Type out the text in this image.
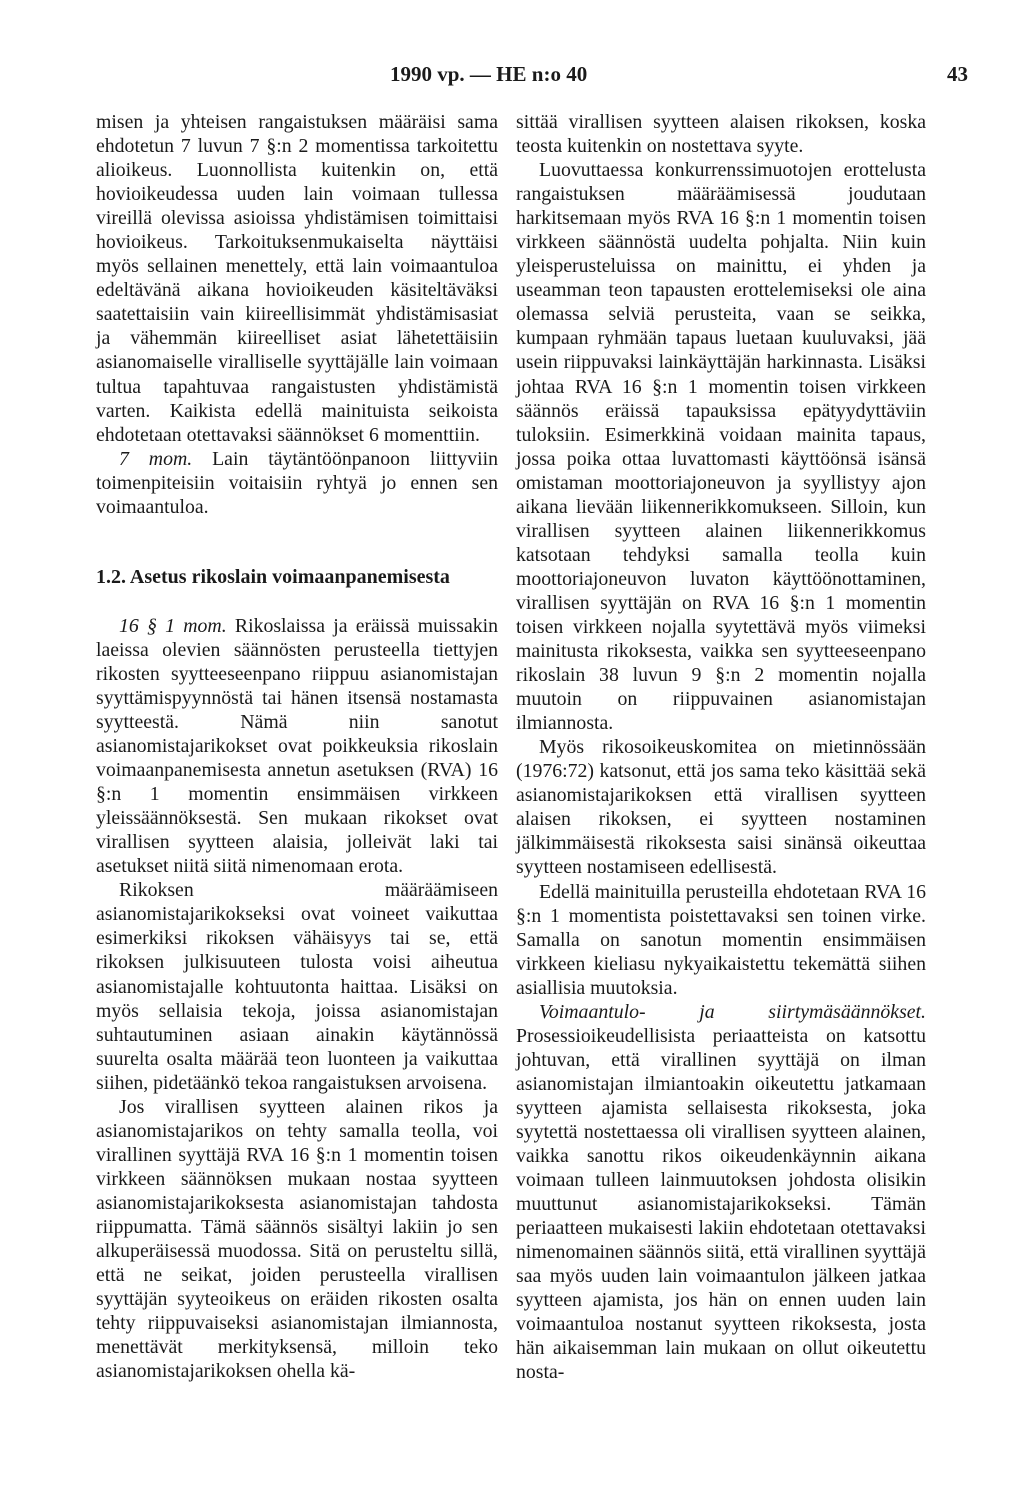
1990 vp. — HE n:o 40	43

misen ja yhteisen rangaistuksen määräisi sama ehdotetun 7 luvun 7 §:n 2 momentissa tarkoitettu alioikeus. Luonnollista kuitenkin on, että hovioikeudessa uuden lain voimaan tullessa vireillä olevissa asioissa yhdistämisen toimittaisi hovioikeus. Tarkoituksenmukaiselta näyttäisi myös sellainen menettely, että lain voimaantuloa edeltävänä aikana hovioikeuden käsiteltäväksi saatettaisiin vain kiireellisimmät yhdistämisasiat ja vähemmän kiireelliset asiat lähetettäisiin asianomaiselle viralliselle syyttäjälle lain voimaan tultua tapahtuvaa rangaistusten yhdistämistä varten. Kaikista edellä mainituista seikoista ehdotetaan otettavaksi säännökset 6 momenttiin.

7 mom. Lain täytäntöönpanoon liittyviin toimenpiteisiin voitaisiin ryhtyä jo ennen sen voimaantuloa.

1.2. Asetus rikoslain voimaanpanemisesta

16 § 1 mom. Rikoslaissa ja eräissä muissakin laeissa olevien säännösten perusteella tiettyjen rikosten syytteeseenpano riippuu asianomistajan syyttämispyynnöstä tai hänen itsensä nostamasta syytteestä. Nämä niin sanotut asianomistajarikokset ovat poikkeuksia rikoslain voimaanpanemisesta annetun asetuksen (RVA) 16 §:n 1 momentin ensimmäisen virkkeen yleissäännöksestä. Sen mukaan rikokset ovat virallisen syytteen alaisia, jolleivät laki tai asetukset niitä siitä nimenomaan erota.

Rikoksen määräämiseen asianomistajarikokseksi ovat voineet vaikuttaa esimerkiksi rikoksen vähäisyys tai se, että rikoksen julkisuuteen tulosta voisi aiheutua asianomistajalle kohtuutonta haittaa. Lisäksi on myös sellaisia tekoja, joissa asianomistajan suhtautuminen asiaan ainakin käytännössä suurelta osalta määrää teon luonteen ja vaikuttaa siihen, pidetäänkö tekoa rangaistuksen arvoisena.

Jos virallisen syytteen alainen rikos ja asianomistajarikos on tehty samalla teolla, voi virallinen syyttäjä RVA 16 §:n 1 momentin toisen virkkeen säännöksen mukaan nostaa syytteen asianomistajarikoksesta asianomistajan tahdosta riippumatta. Tämä säännös sisältyi lakiin jo sen alkuperäisessä muodossa. Sitä on perusteltu sillä, että ne seikat, joiden perusteella virallisen syyttäjän syyteoikeus on eräiden rikosten osalta tehty riippuvaiseksi asianomistajan ilmiannosta, menettävät merkityksensä, milloin teko asianomistajarikoksen ohella kä-

sittää virallisen syytteen alaisen rikoksen, koska teosta kuitenkin on nostettava syyte.

Luovuttaessa konkurrenssimuotojen erottelusta rangaistuksen määräämisessä joudutaan harkitsemaan myös RVA 16 §:n 1 momentin toisen virkkeen säännöstä uudelta pohjalta. Niin kuin yleisperusteluissa on mainittu, ei yhden ja useamman teon tapausten erottelemiseksi ole aina olemassa selviä perusteita, vaan se seikka, kumpaan ryhmään tapaus luetaan kuuluvaksi, jää usein riippuvaksi lainkäyttäjän harkinnasta. Lisäksi johtaa RVA 16 §:n 1 momentin toisen virkkeen säännös eräissä tapauksissa epätyydyttäviin tuloksiin. Esimerkkinä voidaan mainita tapaus, jossa poika ottaa luvattomasti käyttöönsä isänsä omistaman moottoriajoneuvon ja syyllistyy ajon aikana lievään liikennerikkomukseen. Silloin, kun virallisen syytteen alainen liikennerikkomus katsotaan tehdyksi samalla teolla kuin moottoriajoneuvon luvaton käyttöönottaminen, virallisen syyttäjän on RVA 16 §:n 1 momentin toisen virkkeen nojalla syytettävä myös viimeksi mainitusta rikoksesta, vaikka sen syytteeseenpano rikoslain 38 luvun 9 §:n 2 momentin nojalla muutoin on riippuvainen asianomistajan ilmiannosta.

Myös rikosoikeuskomitea on mietinnössään (1976:72) katsonut, että jos sama teko käsittää sekä asianomistajarikoksen että virallisen syytteen alaisen rikoksen, ei syytteen nostaminen jälkimmäisestä rikoksesta saisi sinänsä oikeuttaa syytteen nostamiseen edellisestä.

Edellä mainituilla perusteilla ehdotetaan RVA 16 §:n 1 momentista poistettavaksi sen toinen virke. Samalla on sanotun momentin ensimmäisen virkkeen kieliasu nykyaikaistettu tekemättä siihen asiallisia muutoksia.

Voimaantulo- ja siirtymäsäännökset. Prosessioikeudellisista periaatteista on katsottu johtuvan, että virallinen syyttäjä on ilman asianomistajan ilmiantoakin oikeutettu jatkamaan syytteen ajamista sellaisesta rikoksesta, joka syytettä nostettaessa oli virallisen syytteen alainen, vaikka sanottu rikos oikeudenkäynnin aikana voimaan tulleen lainmuutoksen johdosta olisikin muuttunut asianomistajarikokseksi. Tämän periaatteen mukaisesti lakiin ehdotetaan otettavaksi nimenomainen säännös siitä, että virallinen syyttäjä saa myös uuden lain voimaantulon jälkeen jatkaa syytteen ajamista, jos hän on ennen uuden lain voimaantuloa nostanut syytteen rikoksesta, josta hän aikaisemman lain mukaan on ollut oikeutettu nosta-
